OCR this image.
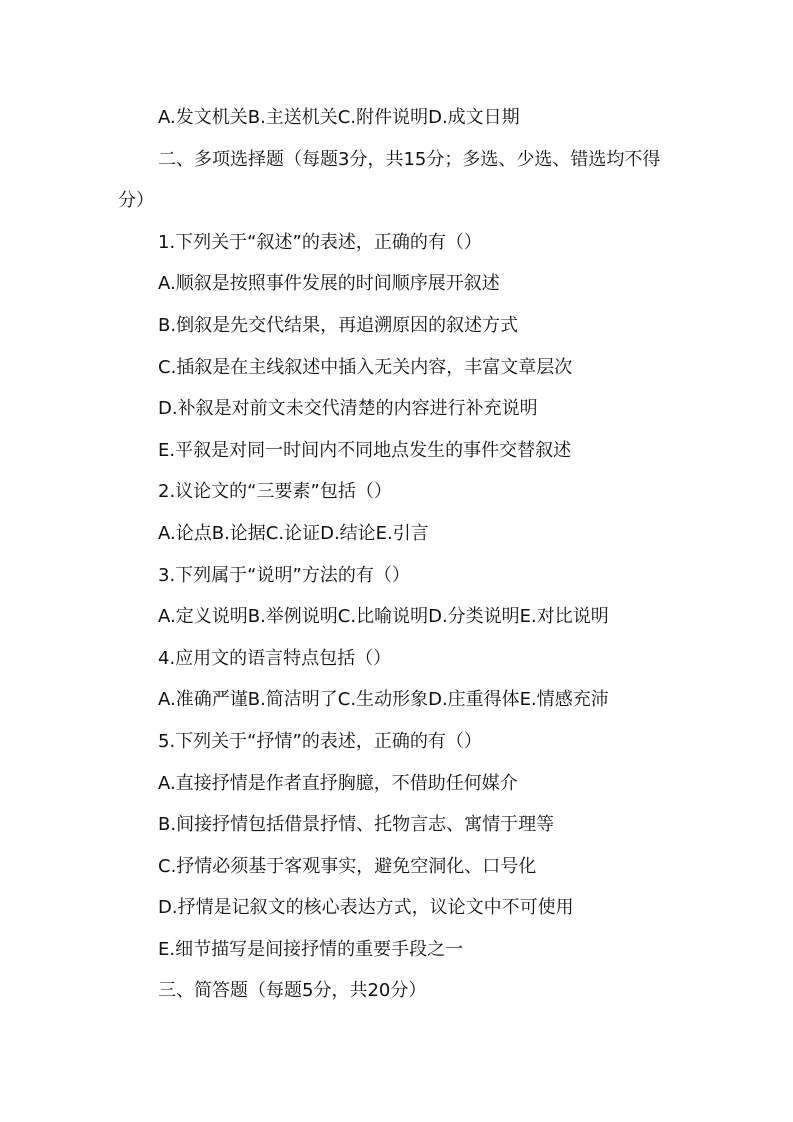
A.发文机关B.主送机关C.附件说明D.成文日期
二、多项选择题（每题3分，共15分；多选、少选、错选均不得
分）
1.下列关于“叙述”的表述，正确的有（）
A.顺叙是按照事件发展的时间顺序展开叙述
B.倒叙是先交代结果，再追溯原因的叙述方式
C.插叙是在主线叙述中插入无关内容，丰富文章层次
D.补叙是对前文未交代清楚的内容进行补充说明
E.平叙是对同一时间内不同地点发生的事件交替叙述
2.议论文的“三要素”包括（）
A.论点B.论据C.论证D.结论E.引言
3.下列属于“说明”方法的有（）
A.定义说明B.举例说明C.比喻说明D.分类说明E.对比说明
4.应用文的语言特点包括（）
A.准确严谨B.简洁明了C.生动形象D.庄重得体E.情感充沛
5.下列关于“抒情”的表述，正确的有（）
A.直接抒情是作者直抒胸臆，不借助任何媒介
B.间接抒情包括借景抒情、托物言志、寓情于理等
C.抒情必须基于客观事实，避免空洞化、口号化
D.抒情是记叙文的核心表达方式，议论文中不可使用
E.细节描写是间接抒情的重要手段之一
三、简答题（每题5分，共20分）
